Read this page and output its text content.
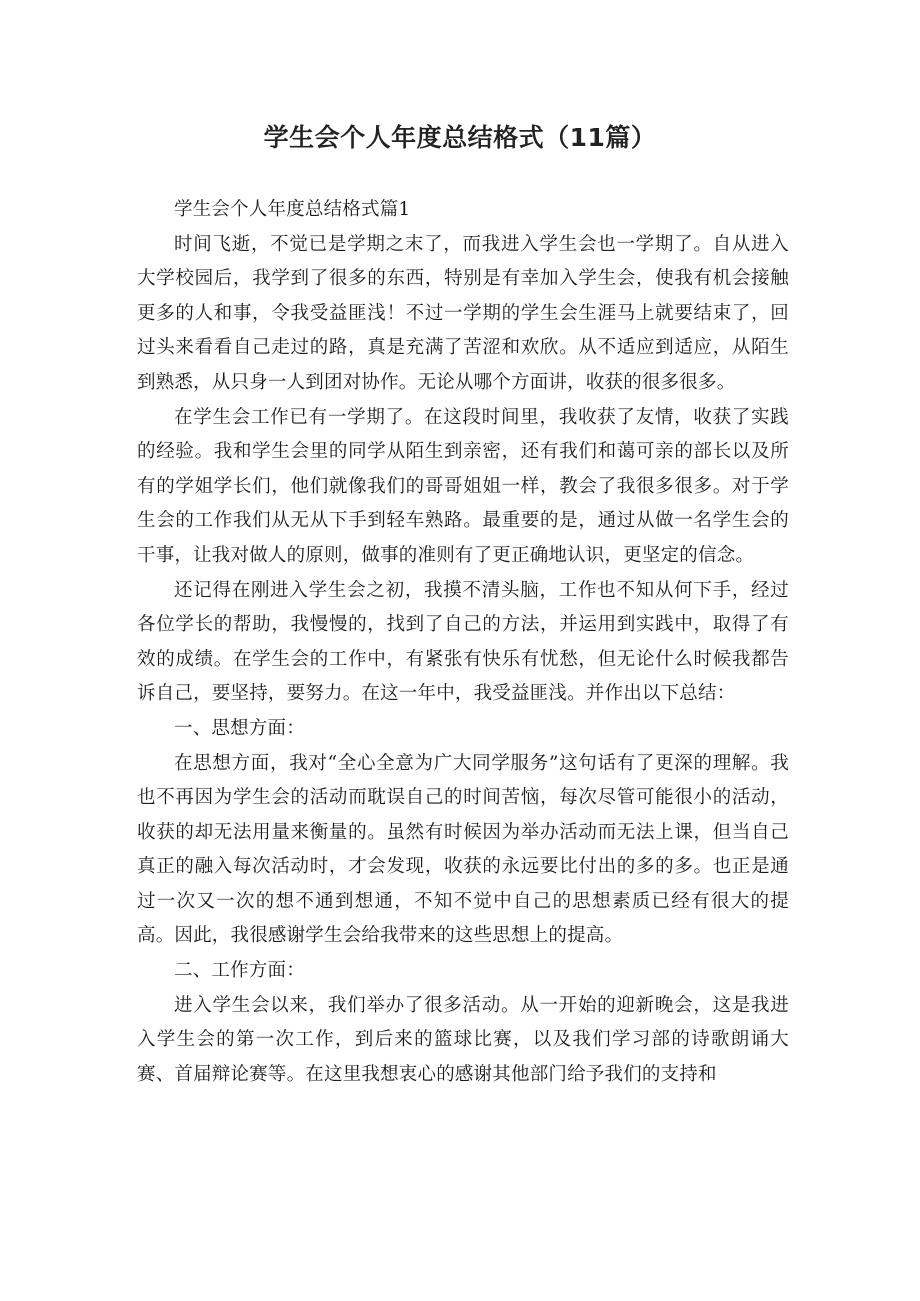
学生会个人年度总结格式（11篇）

学生会个人年度总结格式篇1

时间飞逝，不觉已是学期之末了，而我进入学生会也一学期了。自从进入大学校园后，我学到了很多的东西，特别是有幸加入学生会，使我有机会接触更多的人和事，令我受益匪浅！不过一学期的学生会生涯马上就要结束了，回过头来看看自己走过的路，真是充满了苦涩和欢欣。从不适应到适应，从陌生到熟悉，从只身一人到团对协作。无论从哪个方面讲，收获的很多很多。

在学生会工作已有一学期了。在这段时间里，我收获了友情，收获了实践的经验。我和学生会里的同学从陌生到亲密，还有我们和蔼可亲的部长以及所有的学姐学长们，他们就像我们的哥哥姐姐一样，教会了我很多很多。对于学生会的工作我们从无从下手到轻车熟路。最重要的是，通过从做一名学生会的干事，让我对做人的原则，做事的准则有了更正确地认识，更坚定的信念。

还记得在刚进入学生会之初，我摸不清头脑，工作也不知从何下手，经过各位学长的帮助，我慢慢的，找到了自己的方法，并运用到实践中，取得了有效的成绩。在学生会的工作中，有紧张有快乐有忧愁，但无论什么时候我都告诉自己，要坚持，要努力。在这一年中，我受益匪浅。并作出以下总结：

一、思想方面：

在思想方面，我对“全心全意为广大同学服务”这句话有了更深的理解。我也不再因为学生会的活动而耽误自己的时间苦恼，每次尽管可能很小的活动，收获的却无法用量来衡量的。虽然有时候因为举办活动而无法上课，但当自己真正的融入每次活动时，才会发现，收获的永远要比付出的多的多。也正是通过一次又一次的想不通到想通，不知不觉中自己的思想素质已经有很大的提高。因此，我很感谢学生会给我带来的这些思想上的提高。

二、工作方面：

进入学生会以来，我们举办了很多活动。从一开始的迎新晚会，这是我进入学生会的第一次工作，到后来的篮球比赛，以及我们学习部的诗歌朗诵大赛、首届辩论赛等。在这里我想衷心的感谢其他部门给予我们的支持和
